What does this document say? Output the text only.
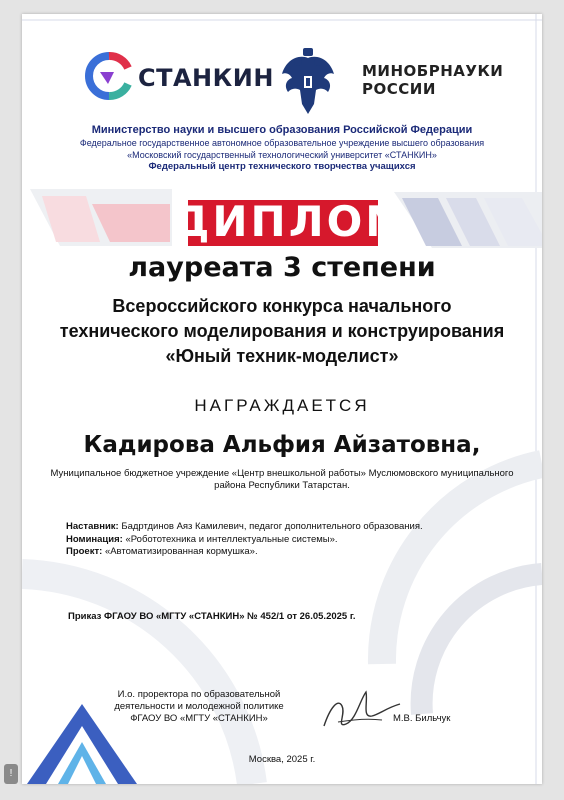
СТАНКИН	МИНОБРНАУКИ
РОССИИ
Министерство науки и высшего образования Российской Федерации
Федеральное государственное автономное образовательное учреждение высшего образования
«Московский государственный технологический университет «СТАНКИН»
Федеральный центр технического творчества учащихся
ДИПЛОМ
лауреата 3 степени
Всероссийского конкурса начального
технического моделирования и конструирования
«Юный техник-моделист»
НАГРАЖДАЕТСЯ
Кадирова Альфия Айзатовна,
Муниципальное бюджетное учреждение «Центр внешкольной работы» Муслюмовского муниципального
района Республики Татарстан.
Наставник: Бадртдинов Аяз Камилевич, педагог дополнительного образования.
Номинация: «Робототехника и интеллектуальные системы».
Проект: «Автоматизированная кормушка».
Приказ ФГАОУ ВО «МГТУ «СТАНКИН» № 452/1 от 26.05.2025 г.
И.о. проректора по образовательной
деятельности и молодежной политике
ФГАОУ ВО «МГТУ «СТАНКИН»	М.В. Бильчук
Москва, 2025 г.
!
